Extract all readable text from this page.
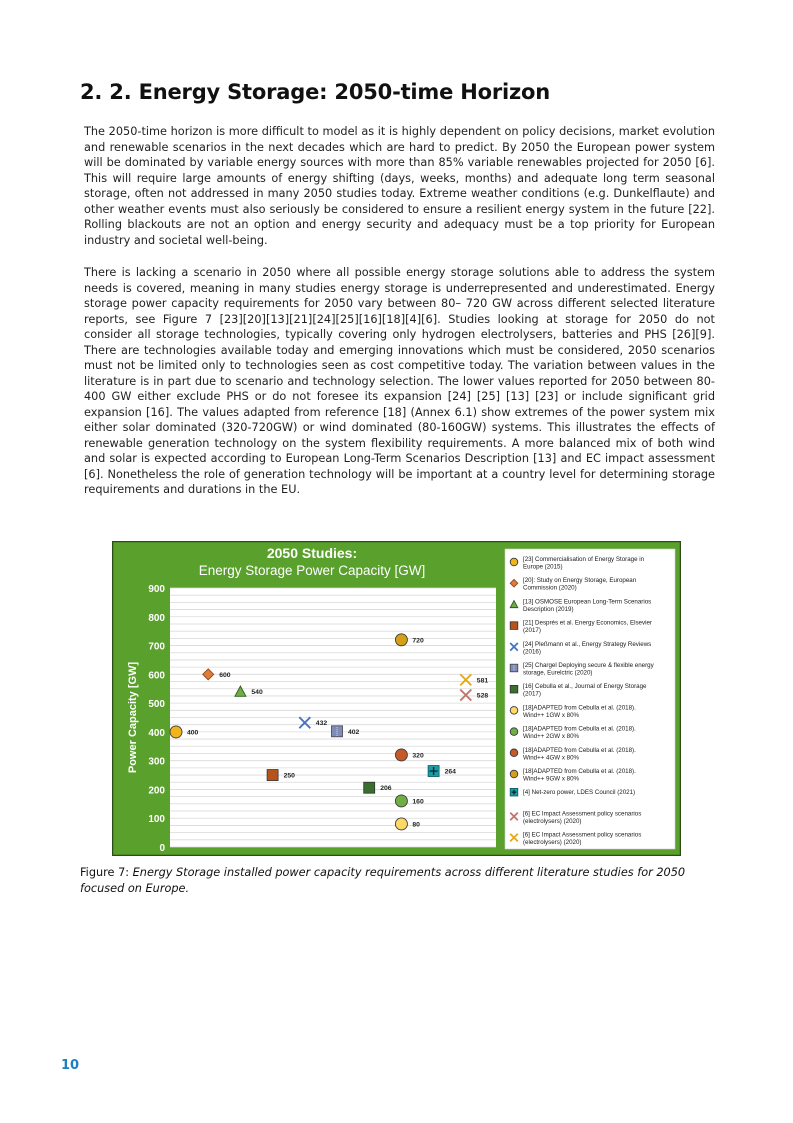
2. 2. Energy Storage: 2050-time Horizon

The 2050-time horizon is more difficult to model as it is highly dependent on policy decisions, market evolution and renewable scenarios in the next decades which are hard to predict. By 2050 the European power system will be dominated by variable energy sources with more than 85% variable renewables projected for 2050 [6]. This will require large amounts of energy shifting (days, weeks, months) and adequate long term seasonal storage, often not addressed in many 2050 studies today. Extreme weather conditions (e.g. Dunkelflaute) and other weather events must also seriously be considered to ensure a resilient energy system in the future [22]. Rolling blackouts are not an option and energy security and adequacy must be a top priority for European industry and societal well-being.

There is lacking a scenario in 2050 where all possible energy storage solutions able to address the system needs is covered, meaning in many studies energy storage is underrepresented and underestimated. Energy storage power capacity requirements for 2050 vary between 80– 720 GW across different selected literature reports, see Figure 7 [23][20][13][21][24][25][16][18][4][6]. Studies looking at storage for 2050 do not consider all storage technologies, typically covering only hydrogen electrolysers, batteries and PHS [26][9]. There are technologies available today and emerging innovations which must be considered, 2050 scenarios must not be limited only to technologies seen as cost competitive today. The variation between values in the literature is in part due to scenario and technology selection. The lower values reported for 2050 between 80-400 GW either exclude PHS or do not foresee its expansion [24] [25] [13] [23] or include significant grid expansion [16]. The values adapted from reference [18] (Annex 6.1) show extremes of the power system mix either solar dominated (320-720GW) or wind dominated (80-160GW) systems. This illustrates the effects of renewable generation technology on the system flexibility requirements. A more balanced mix of both wind and solar is expected according to European Long-Term Scenarios Description [13] and EC impact assessment [6]. Nonetheless the role of generation technology will be important at a country level for determining storage requirements and durations in the EU.

0
100
200
300
400
500
600
700
800
900
Power Capacity [GW]
2050 Studies:
Energy Storage Power Capacity [GW]
400
600
540
250
432
402
206
720
320
160
80
264
581
528
[23] Commercialisation of Energy Storage in
Europe (2015)
[20]: Study on Energy Storage, European
Commission (2020)
[13] OSMOSE European Long-Term Scenarios
Description (2019)
[21] Després et al. Energy Economics, Elsevier
(2017)
[24] Pleßmann et al., Energy Strategy Reviews
(2016)
[25] Chargel Deploying secure & flexible energy
storage, Eurelctric (2020)
[16] Cebulla et al., Journal of Energy Storage
(2017)
[18]ADAPTED from Cebulla et al. (2018).
Wind++ 1GW x 80%
[18]ADAPTED from Cebulla et al. (2018).
Wind++ 2GW x 80%
[18]ADAPTED from Cebulla et al. (2018).
Wind++ 4GW x 80%
[18]ADAPTED from Cebulla et al. (2018).
Wind++ 9GW x 80%
[4] Net-zero power, LDES Council (2021)
[6] EC Impact Assessment policy scenarios
(electrolysers) (2020)
[6] EC Impact Assessment policy scenarios
(electrolysers) (2020)

Figure 7: Energy Storage installed power capacity requirements across different literature studies for 2050 focused on Europe.

10
